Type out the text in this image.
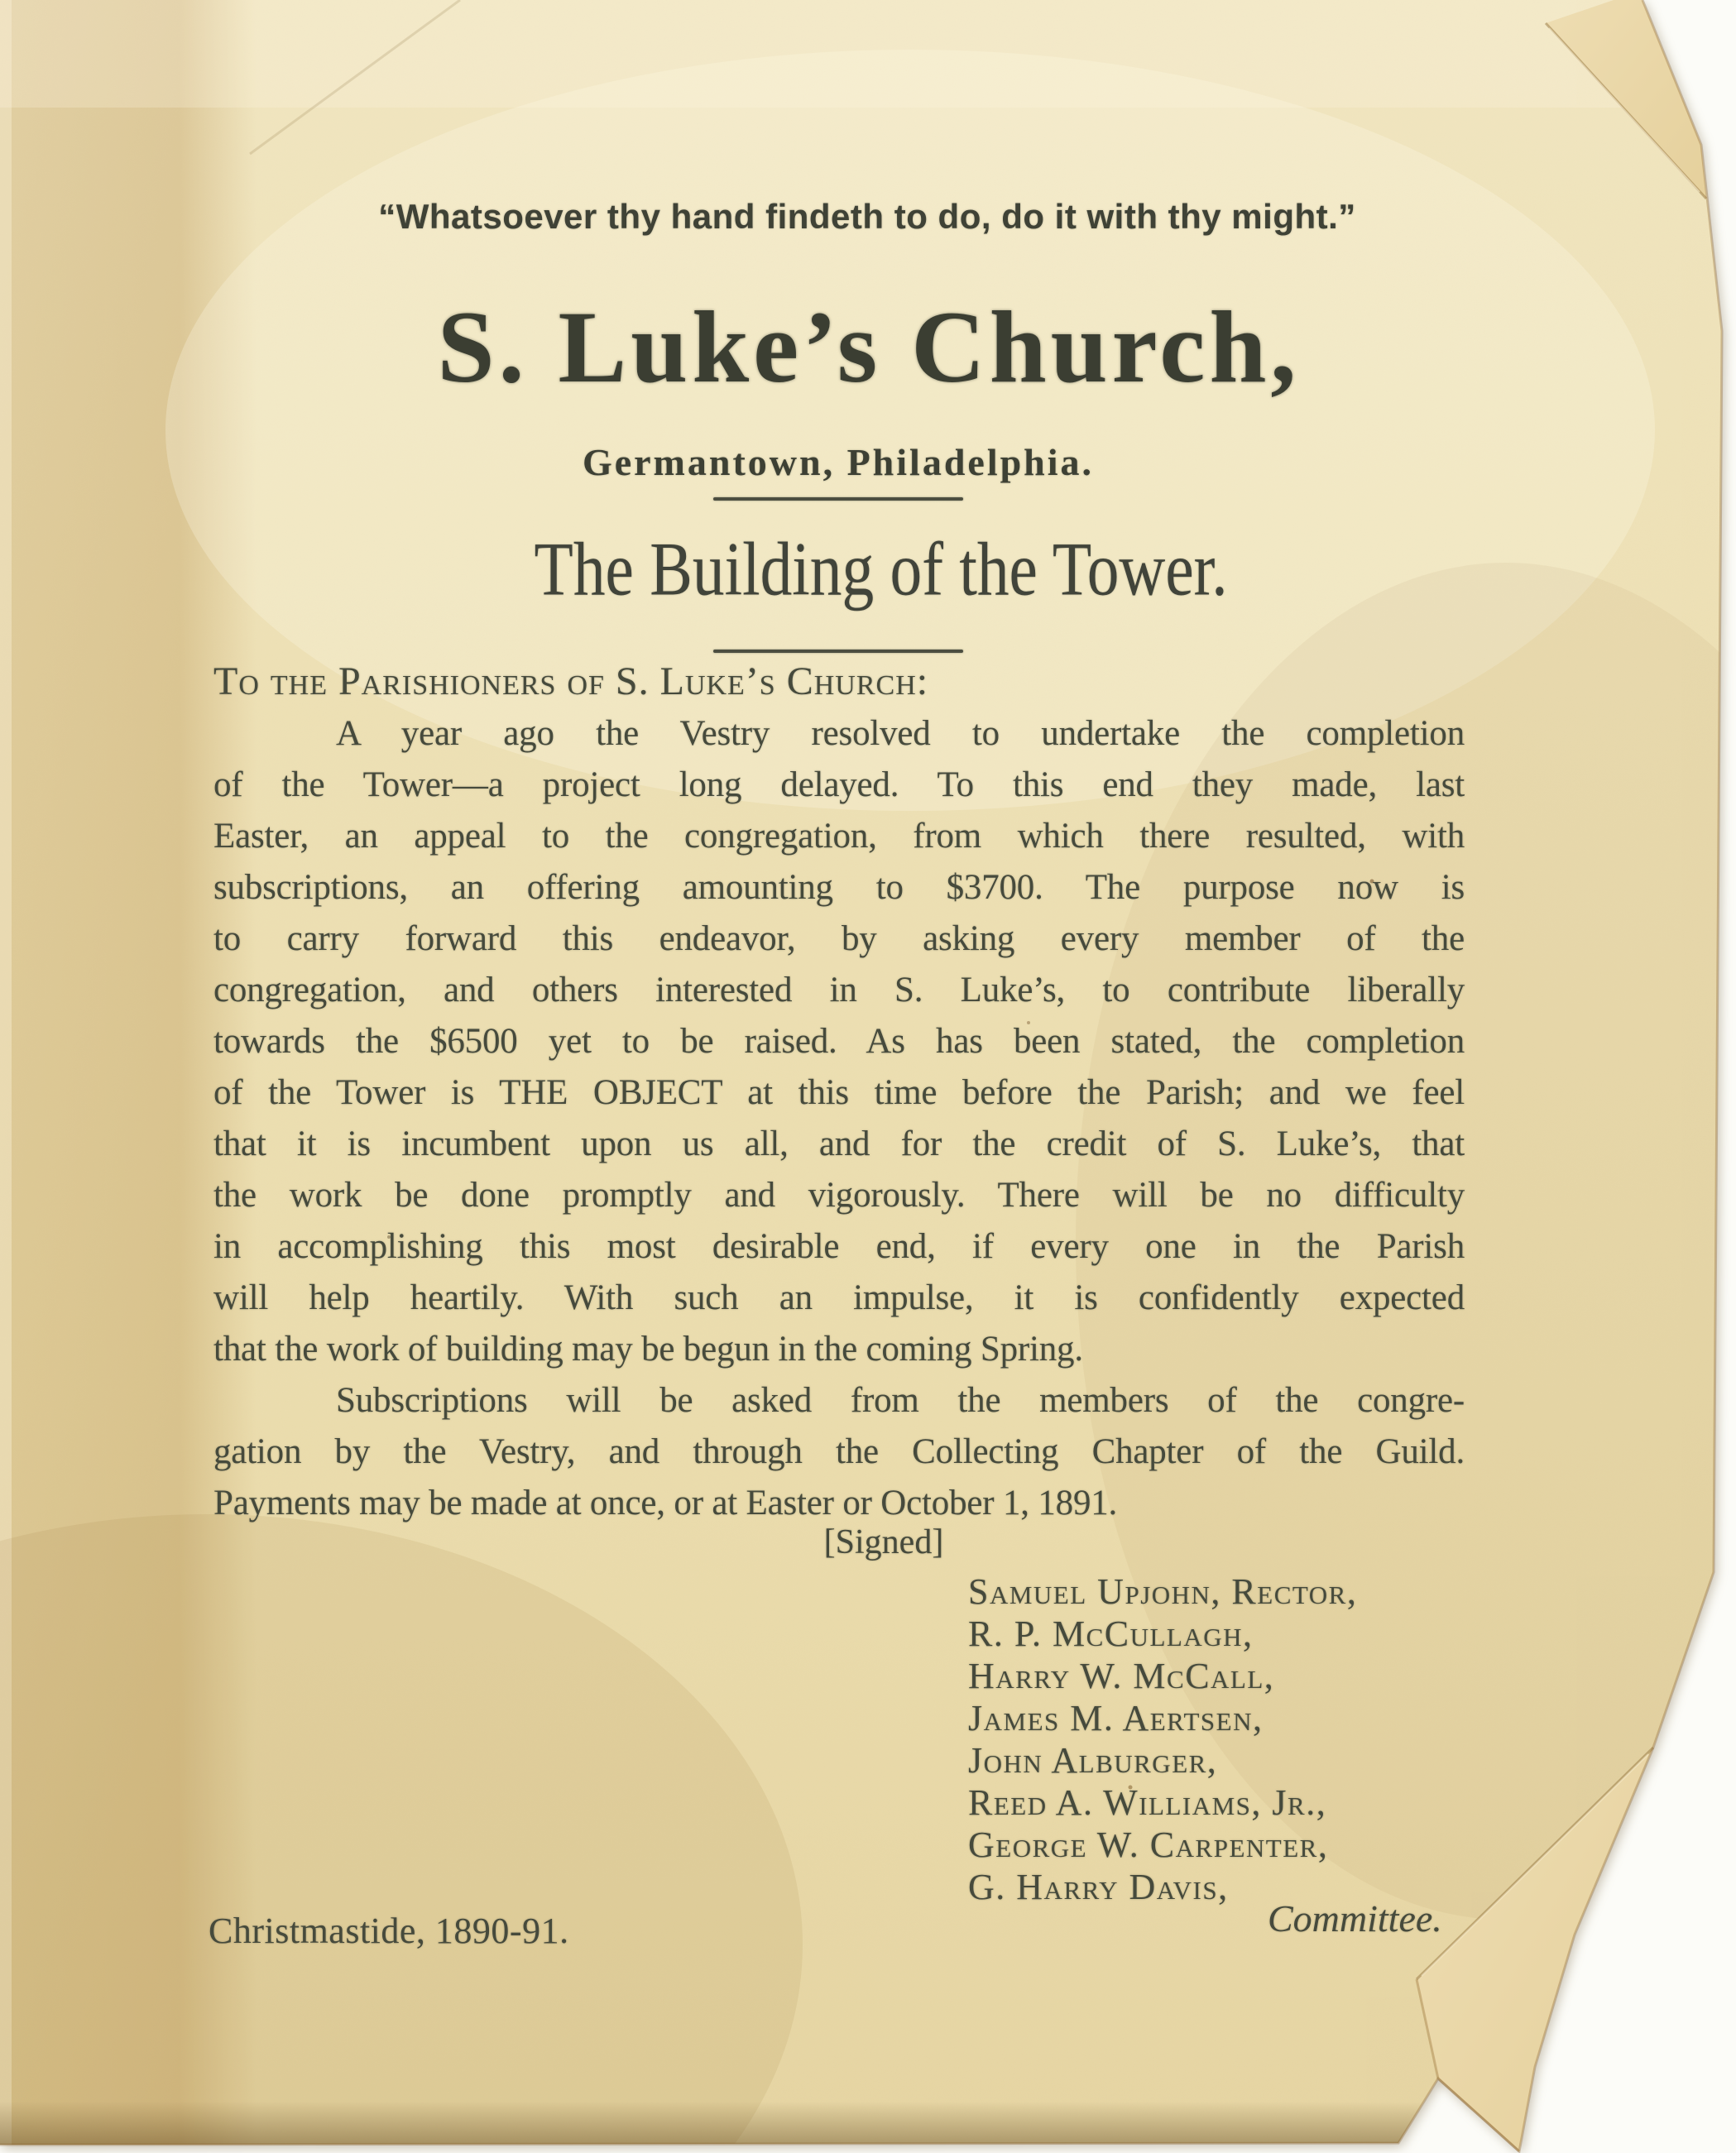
“Whatsoever thy hand findeth to do, do it with thy might.”
S. Luke’s Church,
Germantown, Philadelphia.
The Building of the Tower.
To the Parishioners of S. Luke’s Church:
A year ago the Vestry resolved to undertake the completion
of the Tower—a project long delayed. To this end they made, last
Easter, an appeal to the congregation, from which there resulted, with
subscriptions, an offering amounting to $3700. The purpose now is
to carry forward this endeavor, by asking every member of the
congregation, and others interested in S. Luke’s, to contribute liberally
towards the $6500 yet to be raised. As has been stated, the completion
of the Tower is THE OBJECT at this time before the Parish; and we feel
that it is incumbent upon us all, and for the credit of S. Luke’s, that
the work be done promptly and vigorously. There will be no difficulty
in accomplishing this most desirable end, if every one in the Parish
will help heartily. With such an impulse, it is confidently expected
that the work of building may be begun in the coming Spring.
Subscriptions will be asked from the members of the congre-
gation by the Vestry, and through the Collecting Chapter of the Guild.
Payments may be made at once, or at Easter or October 1, 1891.
[Signed]
Samuel Upjohn, Rector,
R. P. McCullagh,
Harry W. McCall,
James M. Aertsen,
John Alburger,
Reed A. Williams, Jr.,
George W. Carpenter,
G. Harry Davis,
Committee.
Christmastide, 1890-91.
